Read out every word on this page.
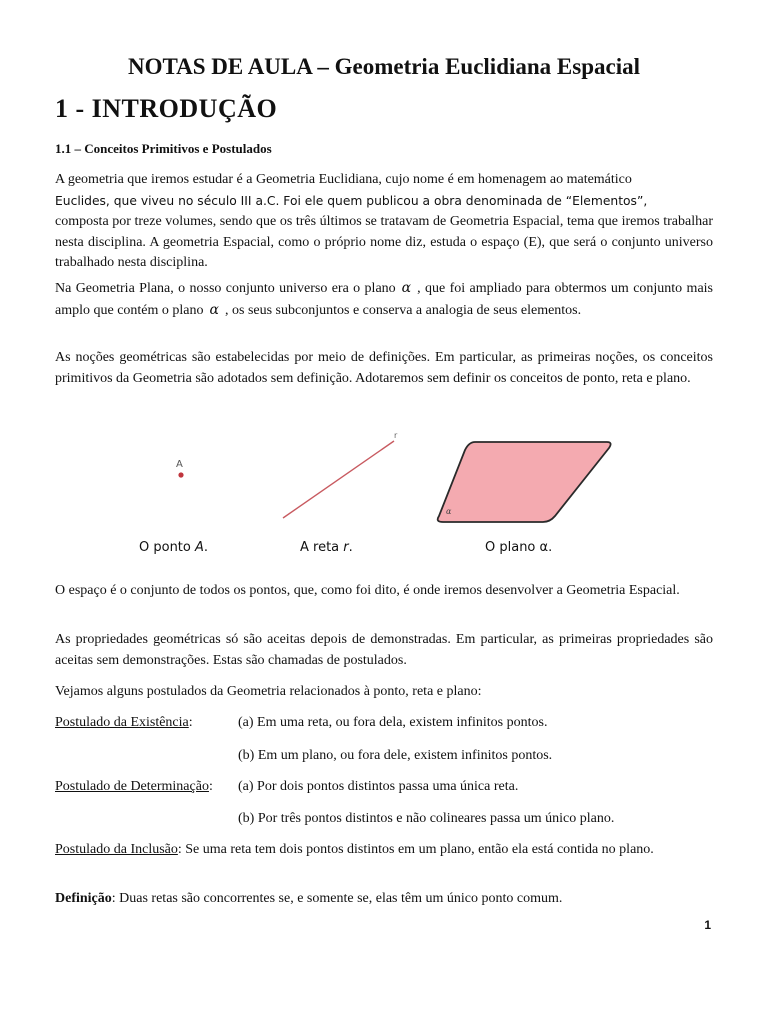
NOTAS DE AULA – Geometria Euclidiana Espacial
1 - INTRODUÇÃO
1.1 – Conceitos Primitivos e Postulados

A geometria que iremos estudar é a Geometria Euclidiana, cujo nome é em homenagem ao matemático
Euclides, que viveu no século III a.C. Foi ele quem publicou a obra denominada de “Elementos”,
composta por treze volumes, sendo que os três últimos se tratavam de Geometria Espacial, tema que iremos trabalhar nesta disciplina. A geometria Espacial, como o próprio nome diz, estuda o espaço (E), que será o conjunto universo trabalhado nesta disciplina.

Na Geometria Plana, o nosso conjunto universo era o plano α , que foi ampliado para obtermos um conjunto mais amplo que contém o plano α , os seus subconjuntos e conserva a analogia de seus elementos.

As noções geométricas são estabelecidas por meio de definições. Em particular, as primeiras noções, os conceitos primitivos da Geometria são adotados sem definição. Adotaremos sem definir os conceitos de ponto, reta e plano.

A
r
α
O ponto A.	A reta r.	O plano α.

O espaço é o conjunto de todos os pontos, que, como foi dito, é onde iremos desenvolver a Geometria Espacial.

As propriedades geométricas só são aceitas depois de demonstradas. Em particular, as primeiras propriedades são aceitas sem demonstrações. Estas são chamadas de postulados.

Vejamos alguns postulados da Geometria relacionados à ponto, reta e plano:

Postulado da Existência:	(a) Em uma reta, ou fora dela, existem infinitos pontos.
(b) Em um plano, ou fora dele, existem infinitos pontos.
Postulado de Determinação: (a) Por dois pontos distintos passa uma única reta.
(b) Por três pontos distintos e não colineares passa um único plano.

Postulado da Inclusão: Se uma reta tem dois pontos distintos em um plano, então ela está contida no plano.

Definição: Duas retas são concorrentes se, e somente se, elas têm um único ponto comum.

1
